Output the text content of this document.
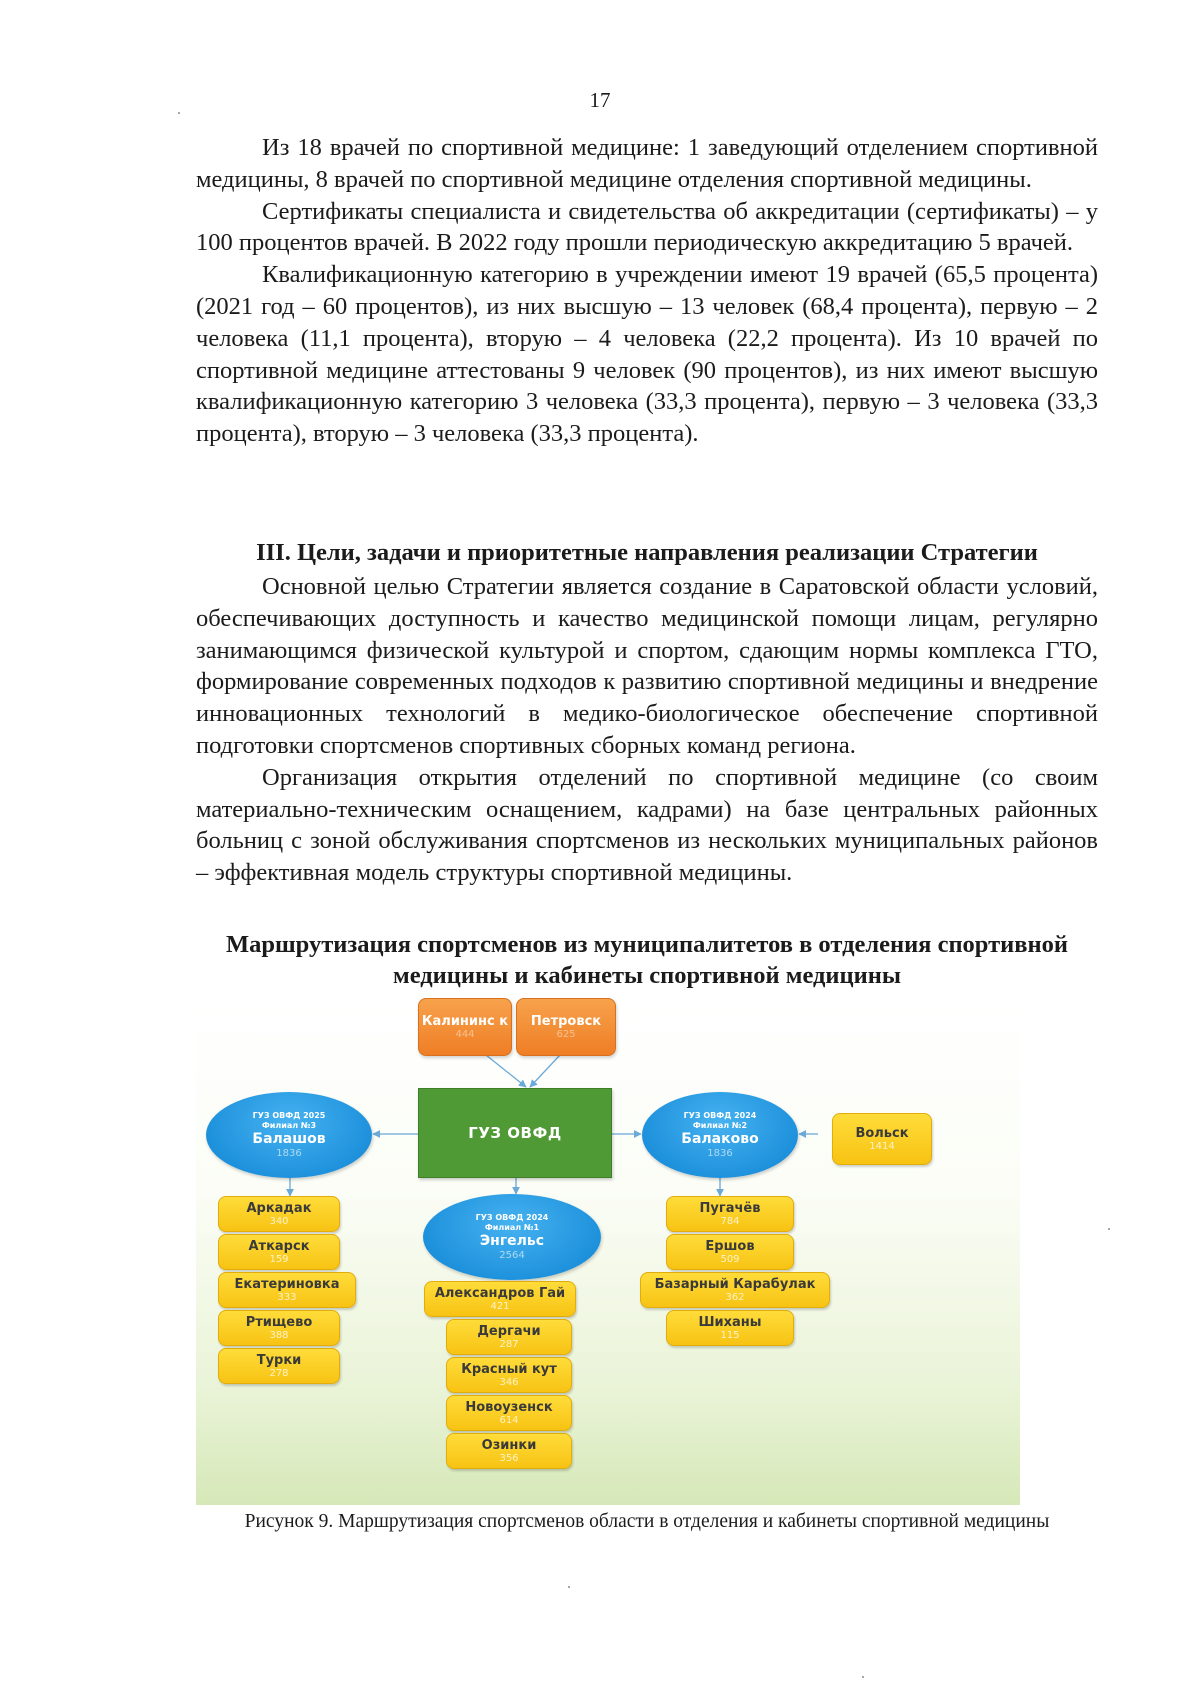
17

Из 18 врачей по спортивной медицине: 1 заведующий отделением спортивной медицины, 8 врачей по спортивной медицине отделения спортивной медицины.

Сертификаты специалиста и свидетельства об аккредитации (сертификаты) – у 100 процентов врачей. В 2022 году прошли периодическую аккредитацию 5 врачей.

Квалификационную категорию в учреждении имеют 19 врачей (65,5 процента) (2021 год – 60 процентов), из них высшую – 13 человек (68,4 процента), первую – 2 человека (11,1 процента), вторую – 4 человека (22,2 процента). Из 10 врачей по спортивной медицине аттестованы 9 человек (90 процентов), из них имеют высшую квалификационную категорию 3 человека (33,3 процента), первую – 3 человека (33,3 процента), вторую – 3 человека (33,3 процента).

III. Цели, задачи и приоритетные направления реализации Стратегии

Основной целью Стратегии является создание в Саратовской области условий, обеспечивающих доступность и качество медицинской помощи лицам, регулярно занимающимся физической культурой и спортом, сдающим нормы комплекса ГТО, формирование современных подходов к развитию спортивной медицины и внедрение инновационных технологий в медико-биологическое обеспечение спортивной подготовки спортсменов спортивных сборных команд региона.

Организация открытия отделений по спортивной медицине (со своим материально-техническим оснащением, кадрами) на базе центральных районных больниц с зоной обслуживания спортсменов из нескольких муниципальных районов – эффективная модель структуры спортивной медицины.

Маршрутизация спортсменов из муниципалитетов в отделения спортивной медицины и кабинеты спортивной медицины
Калининс к
444
Петровск
625
ГУЗ ОВФД
ГУЗ ОВФД 2025
Филиал №3
Балашов
1836
ГУЗ ОВФД 2024
Филиал №2
Балаково
1836
Вольск
1414
ГУЗ ОВФД 2024
Филиал №1
Энгельс
2564
Аркадак
340
Аткарск
159
Екатериновка
333
Ртищево
388
Турки
278
Александров Гай
421
Дергачи
287
Красный кут
346
Новоузенск
614
Озинки
356
Пугачёв
784
Ершов
509
Базарный Карабулак
362
Шиханы
115
Рисунок 9. Маршрутизация спортсменов области в отделения и кабинеты спортивной медицины
